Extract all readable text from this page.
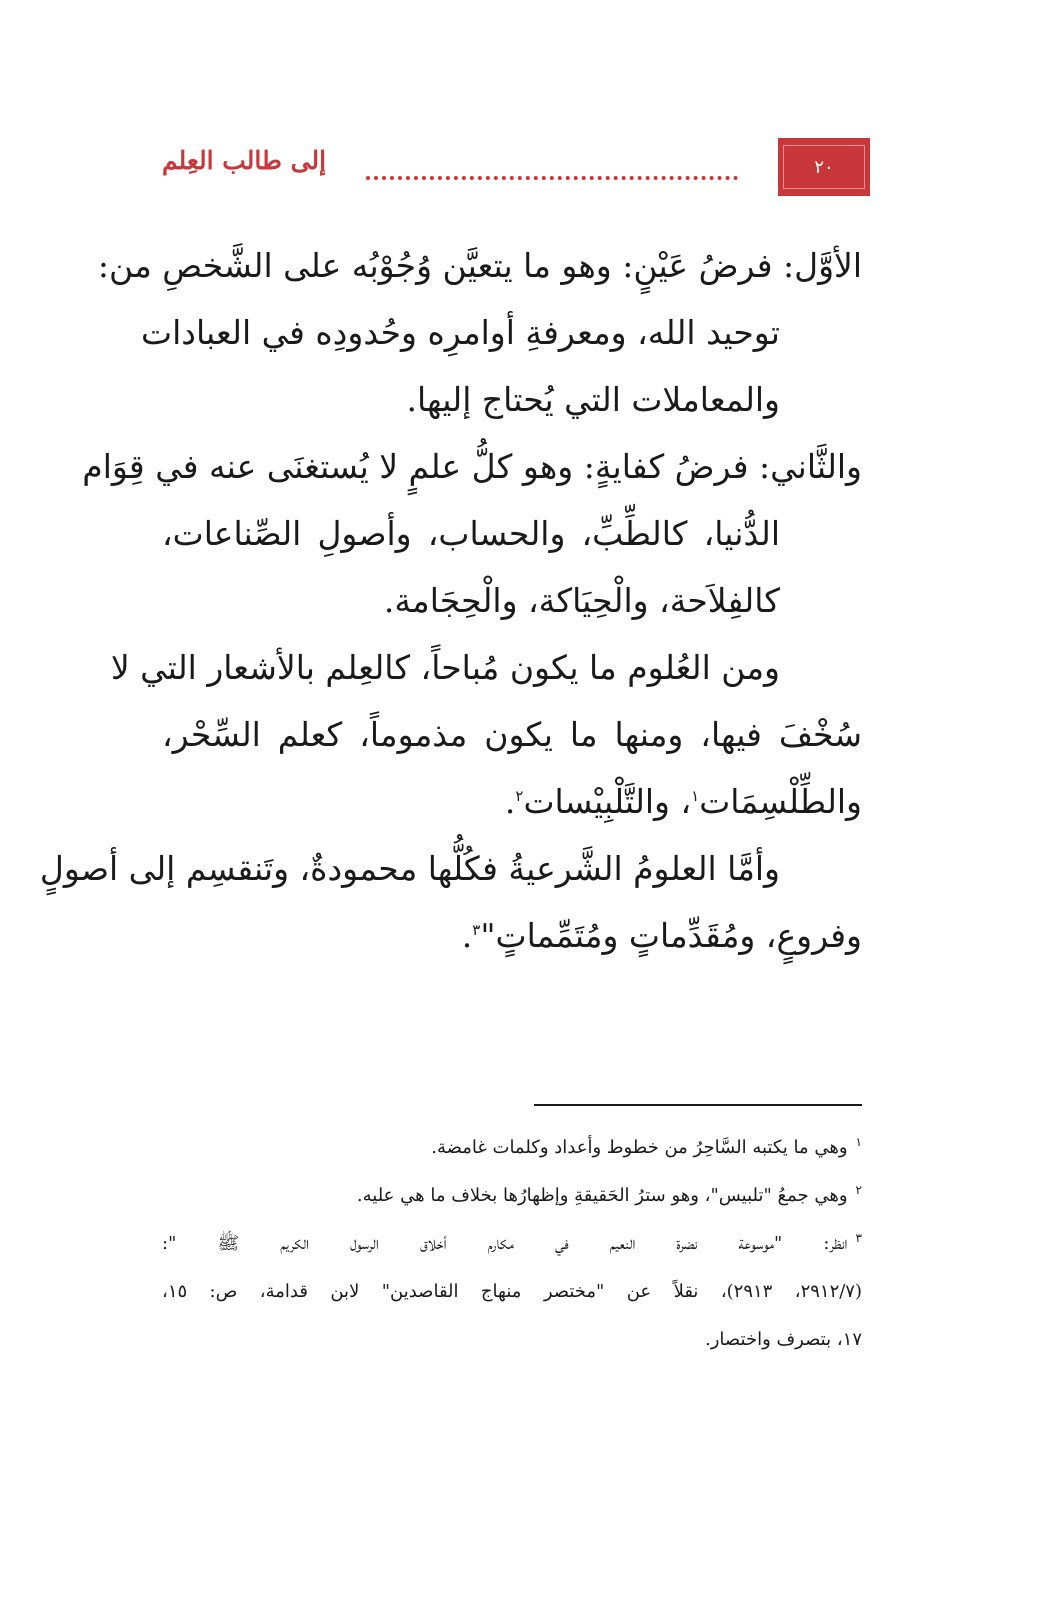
٢٠
إلى طالب العِلم
الأوَّل: فرضُ عَيْنٍ: وهو ما يتعيَّن وُجُوْبُه على الشَّخصِ من:
توحيد الله، ومعرفةِ أوامرِه وحُدودِه في العبادات
والمعاملات التي يُحتاج إليها.
والثَّاني: فرضُ كفايةٍ: وهو كلُّ علمٍ لا يُستغنَى عنه في قِوَام
الدُّنيا، كالطِّبِّ، والحساب، وأصولِ الصِّناعات،
كالفِلاَحة، والْحِيَاكة، والْحِجَامة.
ومن العُلوم ما يكون مُباحاً، كالعِلم بالأشعار التي لا
سُخْفَ فيها، ومنها ما يكون مذموماً، كعلم السِّحْر،
والطِّلْسِمَات$^١$، والتَّلْبِيْسات$^٢$.
وأمَّا العلومُ الشَّرعيةُ فكُلُّها محمودةٌ، وتَنقسِم إلى أصولٍ
وفروعٍ، ومُقَدِّماتٍ ومُتَمِّماتٍ"$^٣$.
$^١$وهي ما يكتبه السَّاحِرُ من خطوط وأعداد وكلمات غامضة.
$^٢$وهي جمعُ "تلبيس"، وهو سترُ الحَقيقةِ وإظهارُها بخلاف ما هي عليه.
$^٣$انظر: "موسوعة نضرة النعيم في مكارم أخلاق الرسول الكريم ﷺ ":
(٢٩١٢/٧، ٢٩١٣)، نقلاً عن "مختصر منهاج القاصدين" لابن قدامة، ص: ١٥،
١٧، بتصرف واختصار.
